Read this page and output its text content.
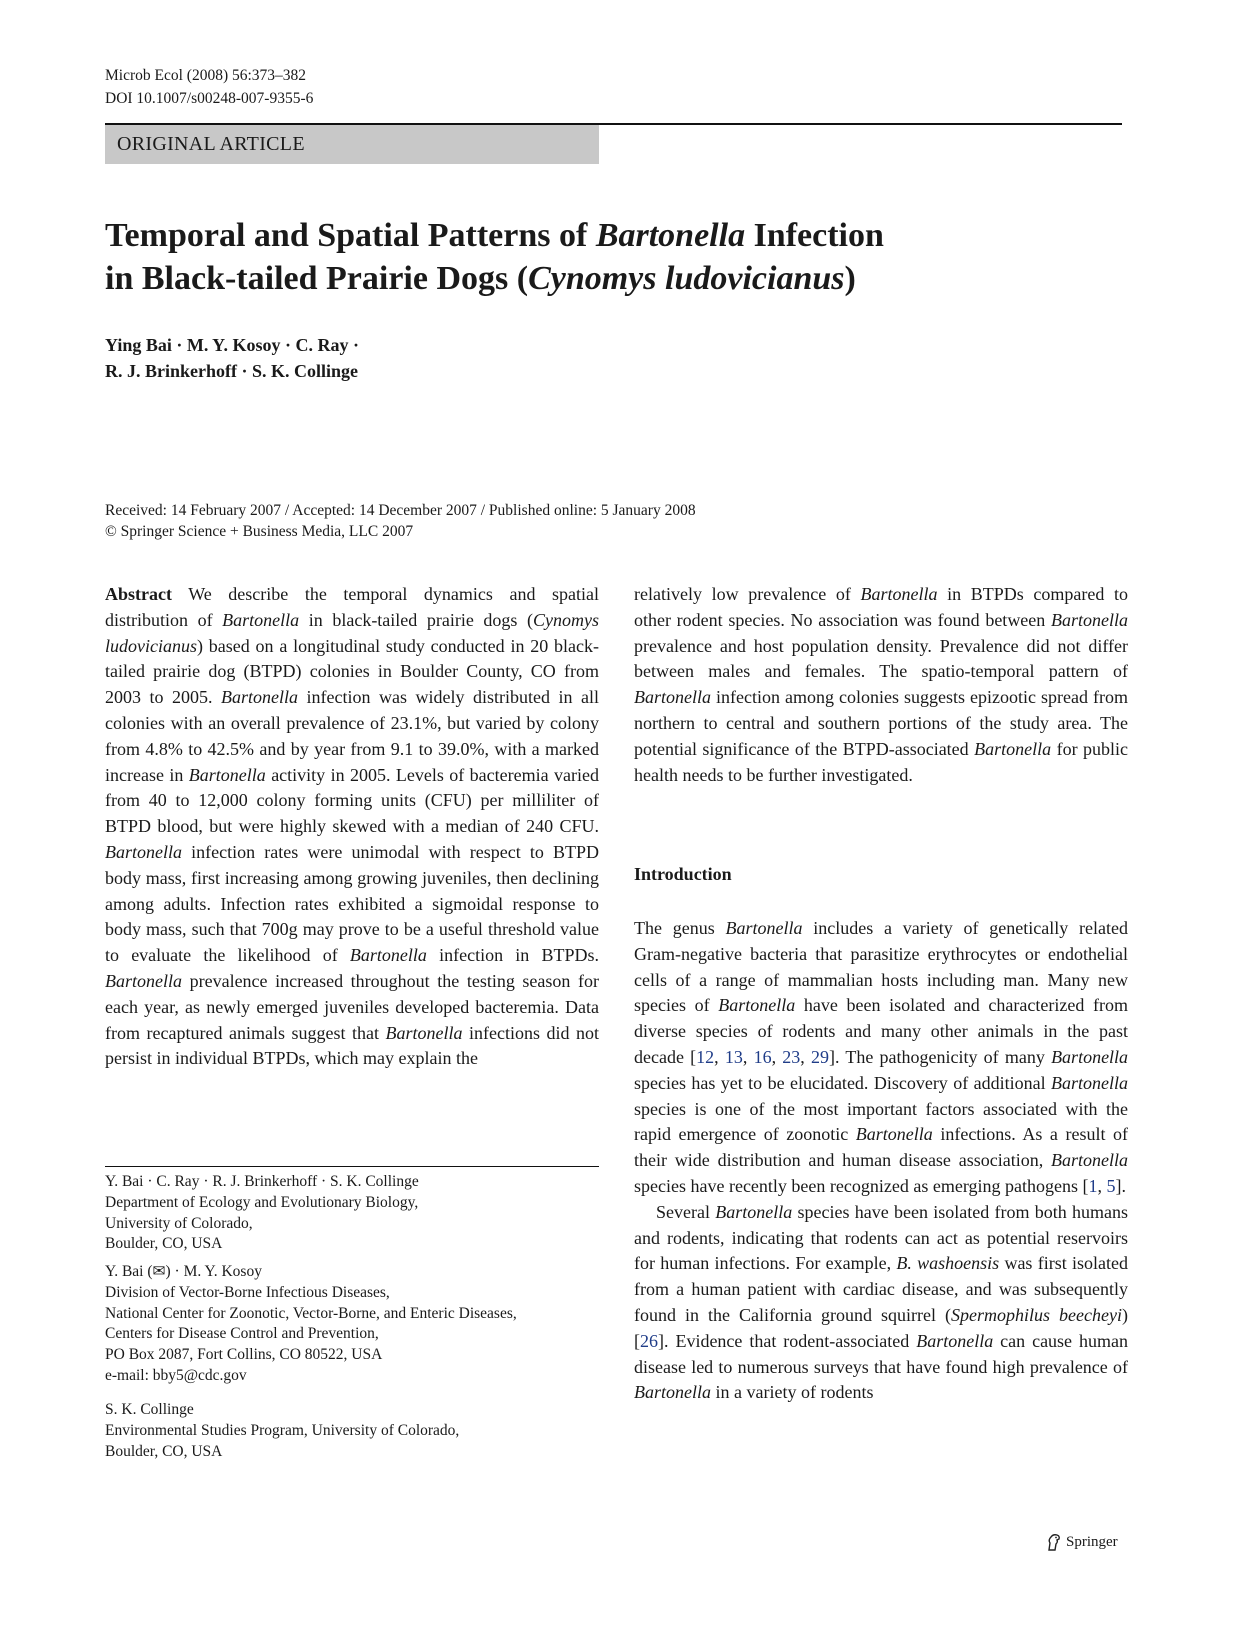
Microb Ecol (2008) 56:373–382
DOI 10.1007/s00248-007-9355-6
ORIGINAL ARTICLE
Temporal and Spatial Patterns of Bartonella Infection
in Black-tailed Prairie Dogs (Cynomys ludovicianus)
Ying Bai · M. Y. Kosoy · C. Ray ·
R. J. Brinkerhoff · S. K. Collinge
Received: 14 February 2007 / Accepted: 14 December 2007 / Published online: 5 January 2008
© Springer Science + Business Media, LLC 2007

Abstract We describe the temporal dynamics and spatial distribution of Bartonella in black-tailed prairie dogs (Cynomys ludovicianus) based on a longitudinal study conducted in 20 black-tailed prairie dog (BTPD) colonies in Boulder County, CO from 2003 to 2005. Bartonella infection was widely distributed in all colonies with an overall prevalence of 23.1%, but varied by colony from 4.8% to 42.5% and by year from 9.1 to 39.0%, with a marked increase in Bartonella activity in 2005. Levels of bacteremia varied from 40 to 12,000 colony forming units (CFU) per milliliter of BTPD blood, but were highly skewed with a median of 240 CFU. Bartonella infection rates were unimodal with respect to BTPD body mass, first increasing among growing juveniles, then declining among adults. Infection rates exhibited a sigmoidal response to body mass, such that 700g may prove to be a useful threshold value to evaluate the likelihood of Bartonella infection in BTPDs. Bartonella prevalence increased throughout the testing season for each year, as newly emerged juveniles developed bacteremia. Data from recaptured animals suggest that Bartonella infections did not persist in individual BTPDs, which may explain the

relatively low prevalence of Bartonella in BTPDs compared to other rodent species. No association was found between Bartonella prevalence and host population density. Prevalence did not differ between males and females. The spatio-temporal pattern of Bartonella infection among colonies suggests epizootic spread from northern to central and southern portions of the study area. The potential significance of the BTPD-associated Bartonella for public health needs to be further investigated.

Introduction

The genus Bartonella includes a variety of genetically related Gram-negative bacteria that parasitize erythrocytes or endothelial cells of a range of mammalian hosts including man. Many new species of Bartonella have been isolated and characterized from diverse species of rodents and many other animals in the past decade [12, 13, 16, 23, 29]. The pathogenicity of many Bartonella species has yet to be elucidated. Discovery of additional Bartonella species is one of the most important factors associated with the rapid emergence of zoonotic Bartonella infections. As a result of their wide distribution and human disease association, Bartonella species have recently been recognized as emerging pathogens [1, 5].

Several Bartonella species have been isolated from both humans and rodents, indicating that rodents can act as potential reservoirs for human infections. For example, B. washoensis was first isolated from a human patient with cardiac disease, and was subsequently found in the California ground squirrel (Spermophilus beecheyi) [26]. Evidence that rodent-associated Bartonella can cause human disease led to numerous surveys that have found high prevalence of Bartonella in a variety of rodents

Y. Bai · C. Ray · R. J. Brinkerhoff · S. K. Collinge

Department of Ecology and Evolutionary Biology,

University of Colorado,

Boulder, CO, USA

Y. Bai (✉) · M. Y. Kosoy

Division of Vector-Borne Infectious Diseases,

National Center for Zoonotic, Vector-Borne, and Enteric Diseases,

Centers for Disease Control and Prevention,

PO Box 2087, Fort Collins, CO 80522, USA

e-mail: bby5@cdc.gov

S. K. Collinge

Environmental Studies Program, University of Colorado,

Boulder, CO, USA

Springer
